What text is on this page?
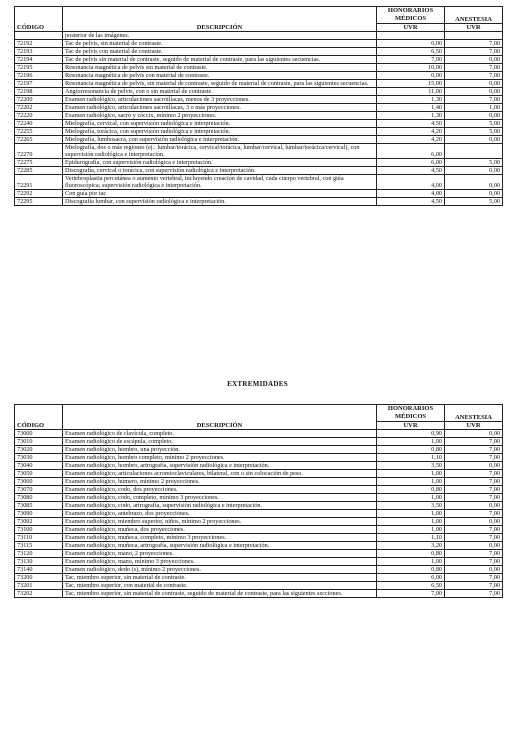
CÓDIGO	DESCRIPCIÓN	HONORARIOS MÉDICOS	ANESTESIA
		UVR	UVR
	posterior de las imágenes.		
72192	Tac de pelvis, sin material de contraste.	6,00	7,00
72193	Tac de pelvis con material de contraste.	6,50	7,00
72194	Tac de pelvis sin material de contraste, seguido de material de contraste, para las siguientes secuencias.	7,00	0,00
72195	Resonancia magnética de pelvis sin material de contraste.	10,00	7,00
72196	Resonancia magnética de pelvis con material de contraste.	0,00	7,00
72197	Resonancia magnética de pelvis, sin material de contraste, seguido de material de contraste, para las siguientes secuencias.	15,00	0,00
72198	Angiorresonancia de pelvis, con o sin material de contraste.	11,00	0,00
72200	Examen radiológico, articulaciones sacroilíacas, menos de 3 proyecciones.	1,30	7,00
72202	Examen radiológico, articulaciones sacroilíacas, 3 o más proyecciones.	1,40	1,00
72220	Examen radiológico, sacro y cóccix, mínimo 2 proyecciones.	1,30	0,00
72240	Mielografía, cervical, con supervisión radiológica e interpretación.	4,50	5,00
72255	Mielografía, torácica, con supervisión radiológica e interpretación.	4,20	5,00
72265	Mielografía, lumbosacra, con supervisión radiológica e interpretación.	4,20	0,00
72270	Mielografía, dos o más regiones (ej.: lumbar/torácica, cervical/torácica, lumbar/cervical, lumbar/torácica/cervical), con supervisión radiológica e interpretación.	6,00	
72275	Epidurografía, con supervisión radiológica e interpretación.	6,00	5,00
72285	Discografía, cervical o torácica, con supervisión radiológica e interpretación.	4,50	0,00
72291	Vertebroplastia percutánea o aumento vertebral, incluyendo creación de cavidad, cada cuerpo vertebral, con guía fluoroscópica; supervisión radiológica e interpretación.	4,00	0,00
72292	Con guía por tac	4,00	0,00
72295	Discografía lumbar, con supervisión radiológica e interpretación.	4,50	5,00
EXTREMIDADES
CÓDIGO	DESCRIPCIÓN	HONORARIOS MÉDICOS	ANESTESIA
		UVR	UVR
73000	Examen radiológico de clavícula, completo.	0,90	0,00
73010	Examen radiológico de escápula, completo.	1,00	7,00
73020	Examen radiológico, hombro, una proyección.	0,80	7,00
73030	Examen radiológico, hombro completo, mínimo 2 proyecciones.	1,10	7,00
73040	Examen radiológico, hombro, artrografía, supervisión radiológica e interpretación.	3,50	0,00
73050	Examen radiológico; articulaciones acromioclaviculares, bilateral, con o sin colocación de peso.	1,00	7,00
73060	Examen radiológico, húmero, mínimo 2 proyecciones.	1,00	7,00
73070	Examen radiológico, codo, dos proyecciones.	0,80	7,00
73080	Examen radiológico, codo, completo, mínimo 3 proyecciones.	1,00	7,00
73085	Examen radiológico, codo, artrografía, supervisión radiológica e interpretación.	3,50	0,00
73090	Examen radiológico, antebrazo, dos proyecciones.	1,00	7,00
73092	Examen radiológico, miembro superior, niños, mínimo 2 proyecciones.	1,00	0,00
73100	Examen radiológico, muñeca, dos proyecciones.	1,00	7,00
73110	Examen radiológico, muñeca, completo, mínimo 3 proyecciones.	1,10	7,00
73115	Examen radiológico, muñeca, artrografía, supervisión radiológica e interpretación.	3,20	0,00
73120	Examen radiológico, mano, 2 proyecciones.	0,80	7,00
73130	Examen radiológico, mano, mínimo 3 proyecciones.	1,00	7,00
73140	Examen radiológico, dedo (s), mínimo 2 proyecciones.	0,80	0,00
73200	Tac, miembro superior, sin material de contraste.	6,00	7,00
73201	Tac, miembro superior, con material de contraste.	6,50	7,00
73202	Tac, miembro superior, sin material de contraste, seguido de material de contraste, para las siguientes secciones.	7,00	7,00
